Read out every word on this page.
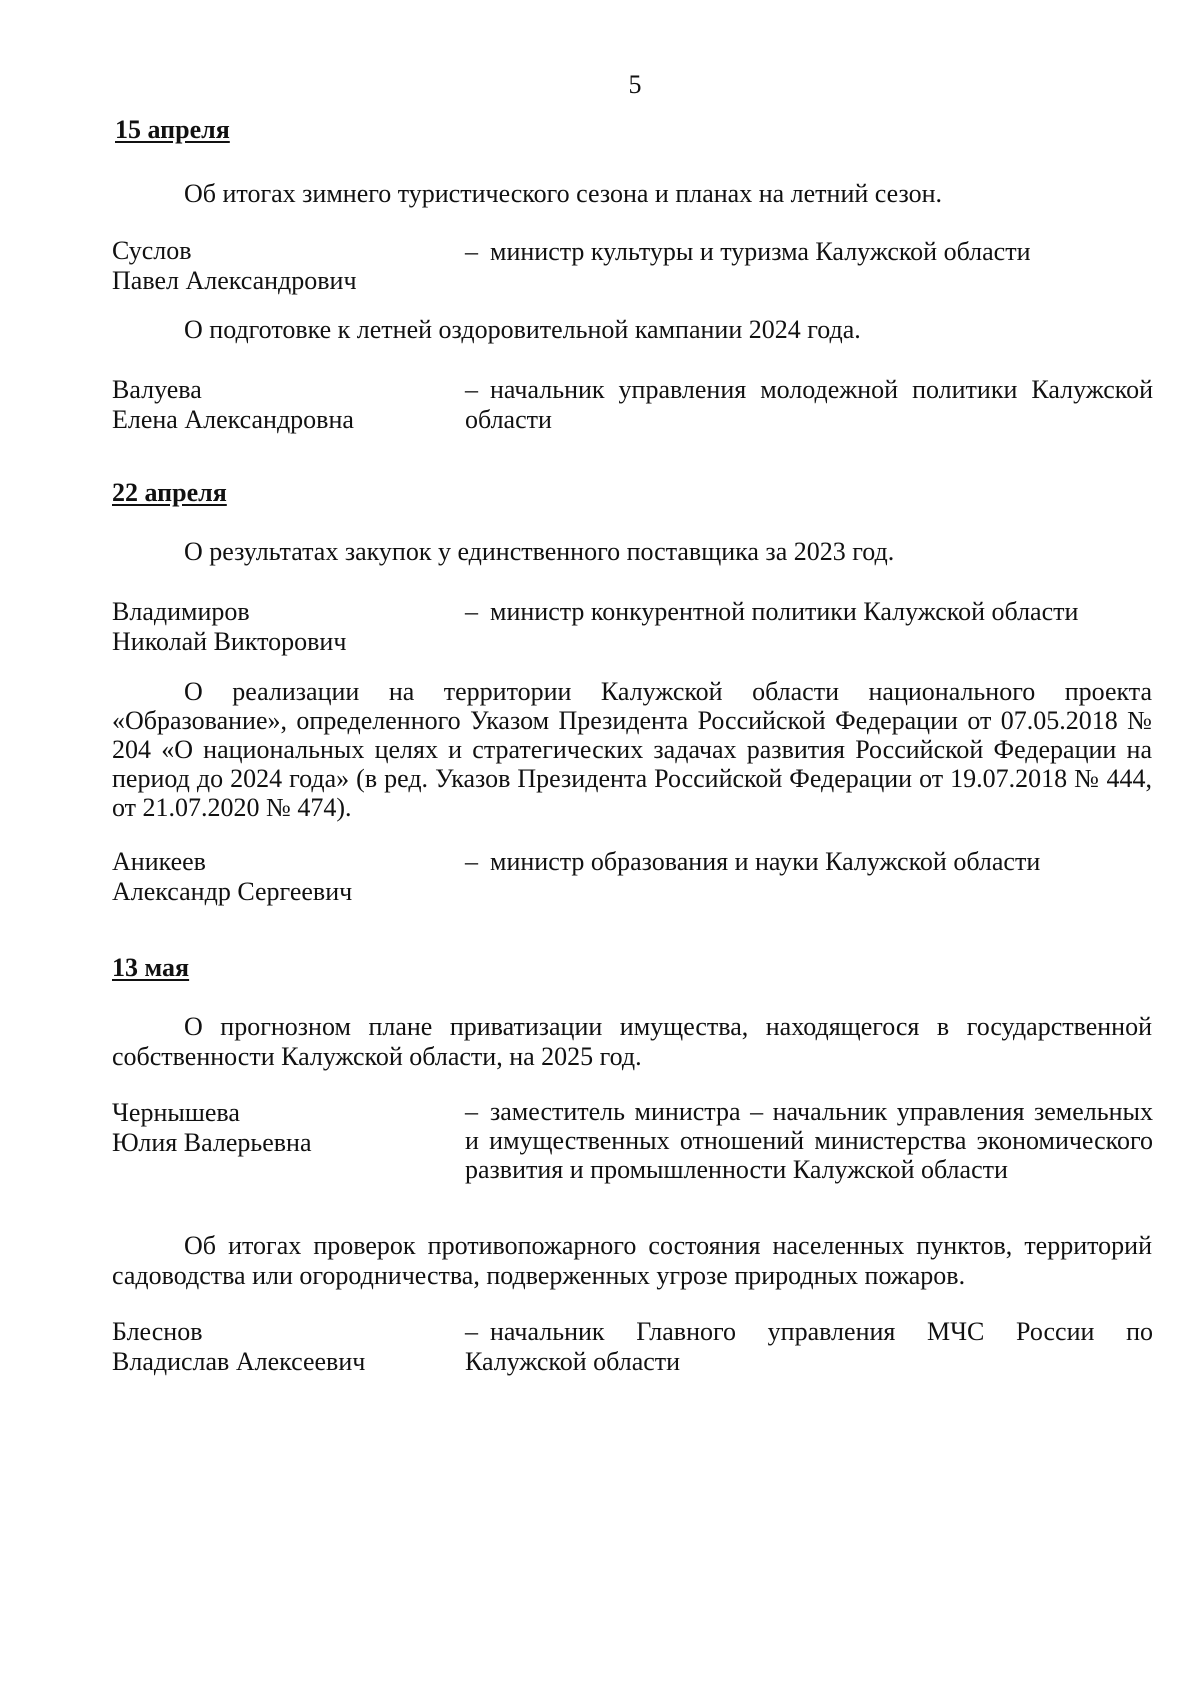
5
15 апреля
Об итогах зимнего туристического сезона и планах на летний сезон.
Суслов
Павел Александрович
– министр культуры и туризма Калужской области
О подготовке к летней оздоровительной кампании 2024 года.
Валуева
Елена Александровна
– начальник управления молодежной политики Калужской области
22 апреля
О результатах закупок у единственного поставщика за 2023 год.
Владимиров
Николай Викторович
– министр конкурентной политики Калужской области
О реализации на территории Калужской области национального проекта «Образование», определенного Указом Президента Российской Федерации от 07.05.2018 № 204 «О национальных целях и стратегических задачах развития Российской Федерации на период до 2024 года» (в ред. Указов Президента Российской Федерации от 19.07.2018 № 444, от 21.07.2020 № 474).
Аникеев
Александр Сергеевич
– министр образования и науки Калужской области
13 мая
О прогнозном плане приватизации имущества, находящегося в государственной собственности Калужской области, на 2025 год.
Чернышева
Юлия Валерьевна
– заместитель министра – начальник управления земельных и имущественных отношений министерства экономического развития и промышленности Калужской области
Об итогах проверок противопожарного состояния населенных пунктов, территорий садоводства или огородничества, подверженных угрозе природных пожаров.
Блеснов
Владислав Алексеевич
– начальник Главного управления МЧС России по Калужской области
